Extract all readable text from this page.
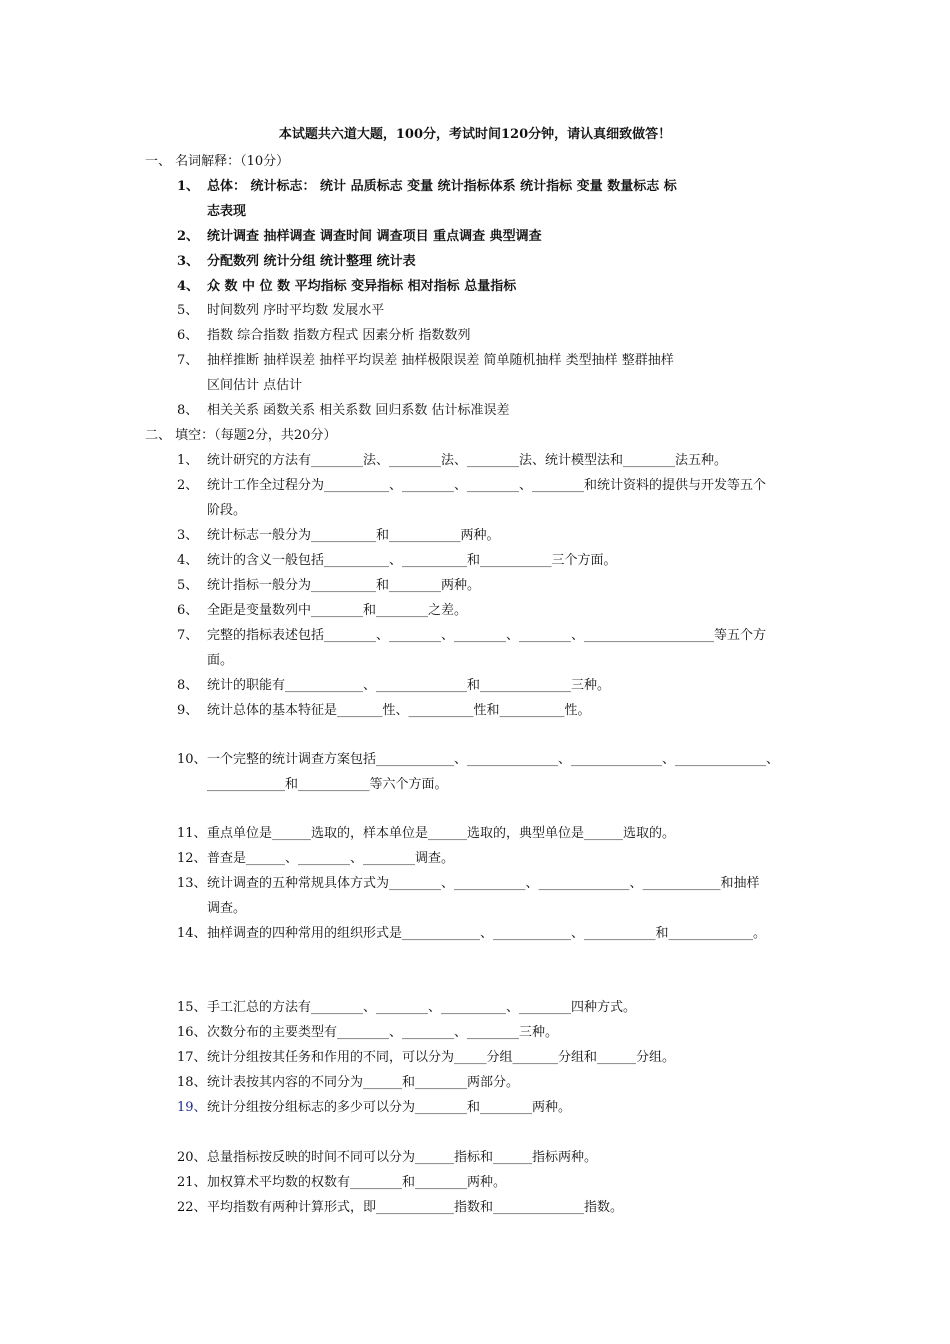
本试题共六道大题，100分，考试时间120分钟，请认真细致做答！
一、 名词解释：（10分）
1、 总体： 统计标志： 统计 品质标志 变量 统计指标体系 统计指标 变量 数量标志 标
志表现
2、 统计调查 抽样调查 调查时间 调查项目 重点调查 典型调查
3、 分配数列 统计分组 统计整理 统计表
4、 众 数 中 位 数 平均指标 变异指标 相对指标 总量指标
5、 时间数列 序时平均数 发展水平
6、 指数 综合指数 指数方程式 因素分析 指数数列
7、 抽样推断 抽样误差 抽样平均误差 抽样极限误差 简单随机抽样 类型抽样 整群抽样
区间估计 点估计
8、 相关关系 函数关系 相关系数 回归系数 估计标准误差
二、 填空：（每题2分，共20分）
1、 统计研究的方法有________法、________法、________法、统计模型法和________法五种。
2、 统计工作全过程分为__________、________、________、________和统计资料的提供与开发等五个
阶段。
3、 统计标志一般分为__________和___________两种。
4、 统计的含义一般包括__________、__________和___________三个方面。
5、 统计指标一般分为__________和________两种。
6、 全距是变量数列中________和________之差。
7、 完整的指标表述包括________、________、________、________、____________________等五个方
面。
8、 统计的职能有____________、______________和______________三种。
9、 统计总体的基本特征是_______性、__________性和__________性。
10、 一个完整的统计调查方案包括____________、______________、______________、______________、
____________和___________等六个方面。
11、 重点单位是______选取的，样本单位是______选取的，典型单位是______选取的。
12、 普查是______、________、________调查。
13、 统计调查的五种常规具体方式为________、___________、______________、____________和抽样
调查。
14、 抽样调查的四种常用的组织形式是____________、____________、___________和_____________。
15、 手工汇总的方法有________、________、__________、________四种方式。
16、 次数分布的主要类型有________、________、________三种。
17、 统计分组按其任务和作用的不同，可以分为_____分组_______分组和______分组。
18、 统计表按其内容的不同分为______和________两部分。
19、 统计分组按分组标志的多少可以分为________和________两种。
20、 总量指标按反映的时间不同可以分为______指标和______指标两种。
21、 加权算术平均数的权数有________和________两种。
22、 平均指数有两种计算形式，即____________指数和______________指数。
